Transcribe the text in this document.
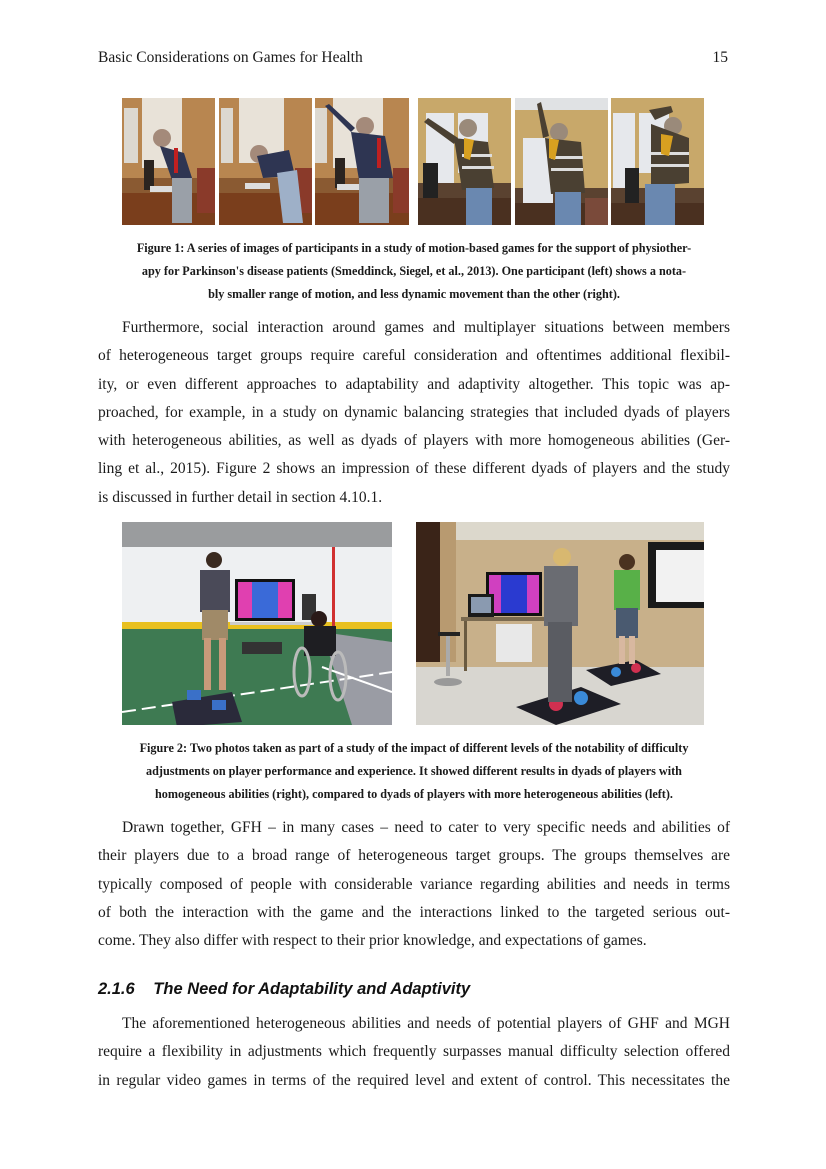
Basic Considerations on Games for Health	15
Figure 1: A series of images of participants in a study of motion-based games for the support of physiother-
apy for Parkinson's disease patients (Smeddinck, Siegel, et al., 2013). One participant (left) shows a nota-
bly smaller range of motion, and less dynamic movement than the other (right).
Furthermore, social interaction around games and multiplayer situations between members
of heterogeneous target groups require careful consideration and oftentimes additional flexibil-
ity, or even different approaches to adaptability and adaptivity altogether. This topic was ap-
proached, for example, in a study on dynamic balancing strategies that included dyads of players
with heterogeneous abilities, as well as dyads of players with more homogeneous abilities (Ger-
ling et al., 2015). Figure 2 shows an impression of these different dyads of players and the study
is discussed in further detail in section 4.10.1.
Figure 2: Two photos taken as part of a study of the impact of different levels of the notability of difficulty
adjustments on player performance and experience. It showed different results in dyads of players with
homogeneous abilities (right), compared to dyads of players with more heterogeneous abilities (left).
Drawn together, GFH – in many cases – need to cater to very specific needs and abilities of
their players due to a broad range of heterogeneous target groups. The groups themselves are
typically composed of people with considerable variance regarding abilities and needs in terms
of both the interaction with the game and the interactions linked to the targeted serious out-
come. They also differ with respect to their prior knowledge, and expectations of games.
2.1.6 The Need for Adaptability and Adaptivity
The aforementioned heterogeneous abilities and needs of potential players of GHF and MGH
require a flexibility in adjustments which frequently surpasses manual difficulty selection offered
in regular video games in terms of the required level and extent of control. This necessitates the
